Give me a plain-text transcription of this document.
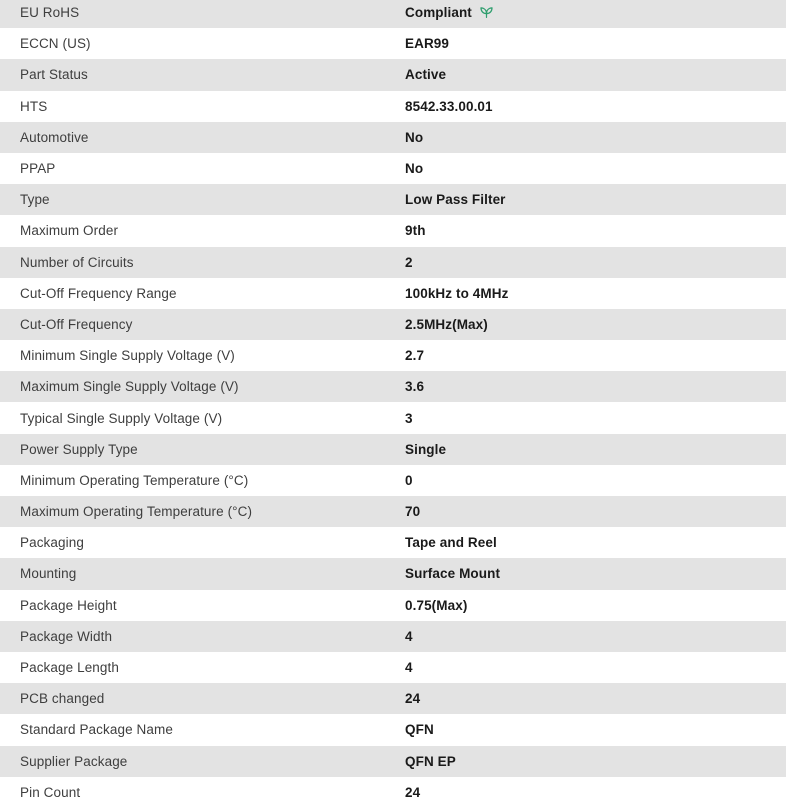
EU RoHS	Compliant
ECCN (US)	EAR99
Part Status	Active
HTS	8542.33.00.01
Automotive	No
PPAP	No
Type	Low Pass Filter
Maximum Order	9th
Number of Circuits	2
Cut-Off Frequency Range	100kHz to 4MHz
Cut-Off Frequency	2.5MHz(Max)
Minimum Single Supply Voltage (V)	2.7
Maximum Single Supply Voltage (V)	3.6
Typical Single Supply Voltage (V)	3
Power Supply Type	Single
Minimum Operating Temperature (°C)	0
Maximum Operating Temperature (°C)	70
Packaging	Tape and Reel
Mounting	Surface Mount
Package Height	0.75(Max)
Package Width	4
Package Length	4
PCB changed	24
Standard Package Name	QFN
Supplier Package	QFN EP
Pin Count	24
